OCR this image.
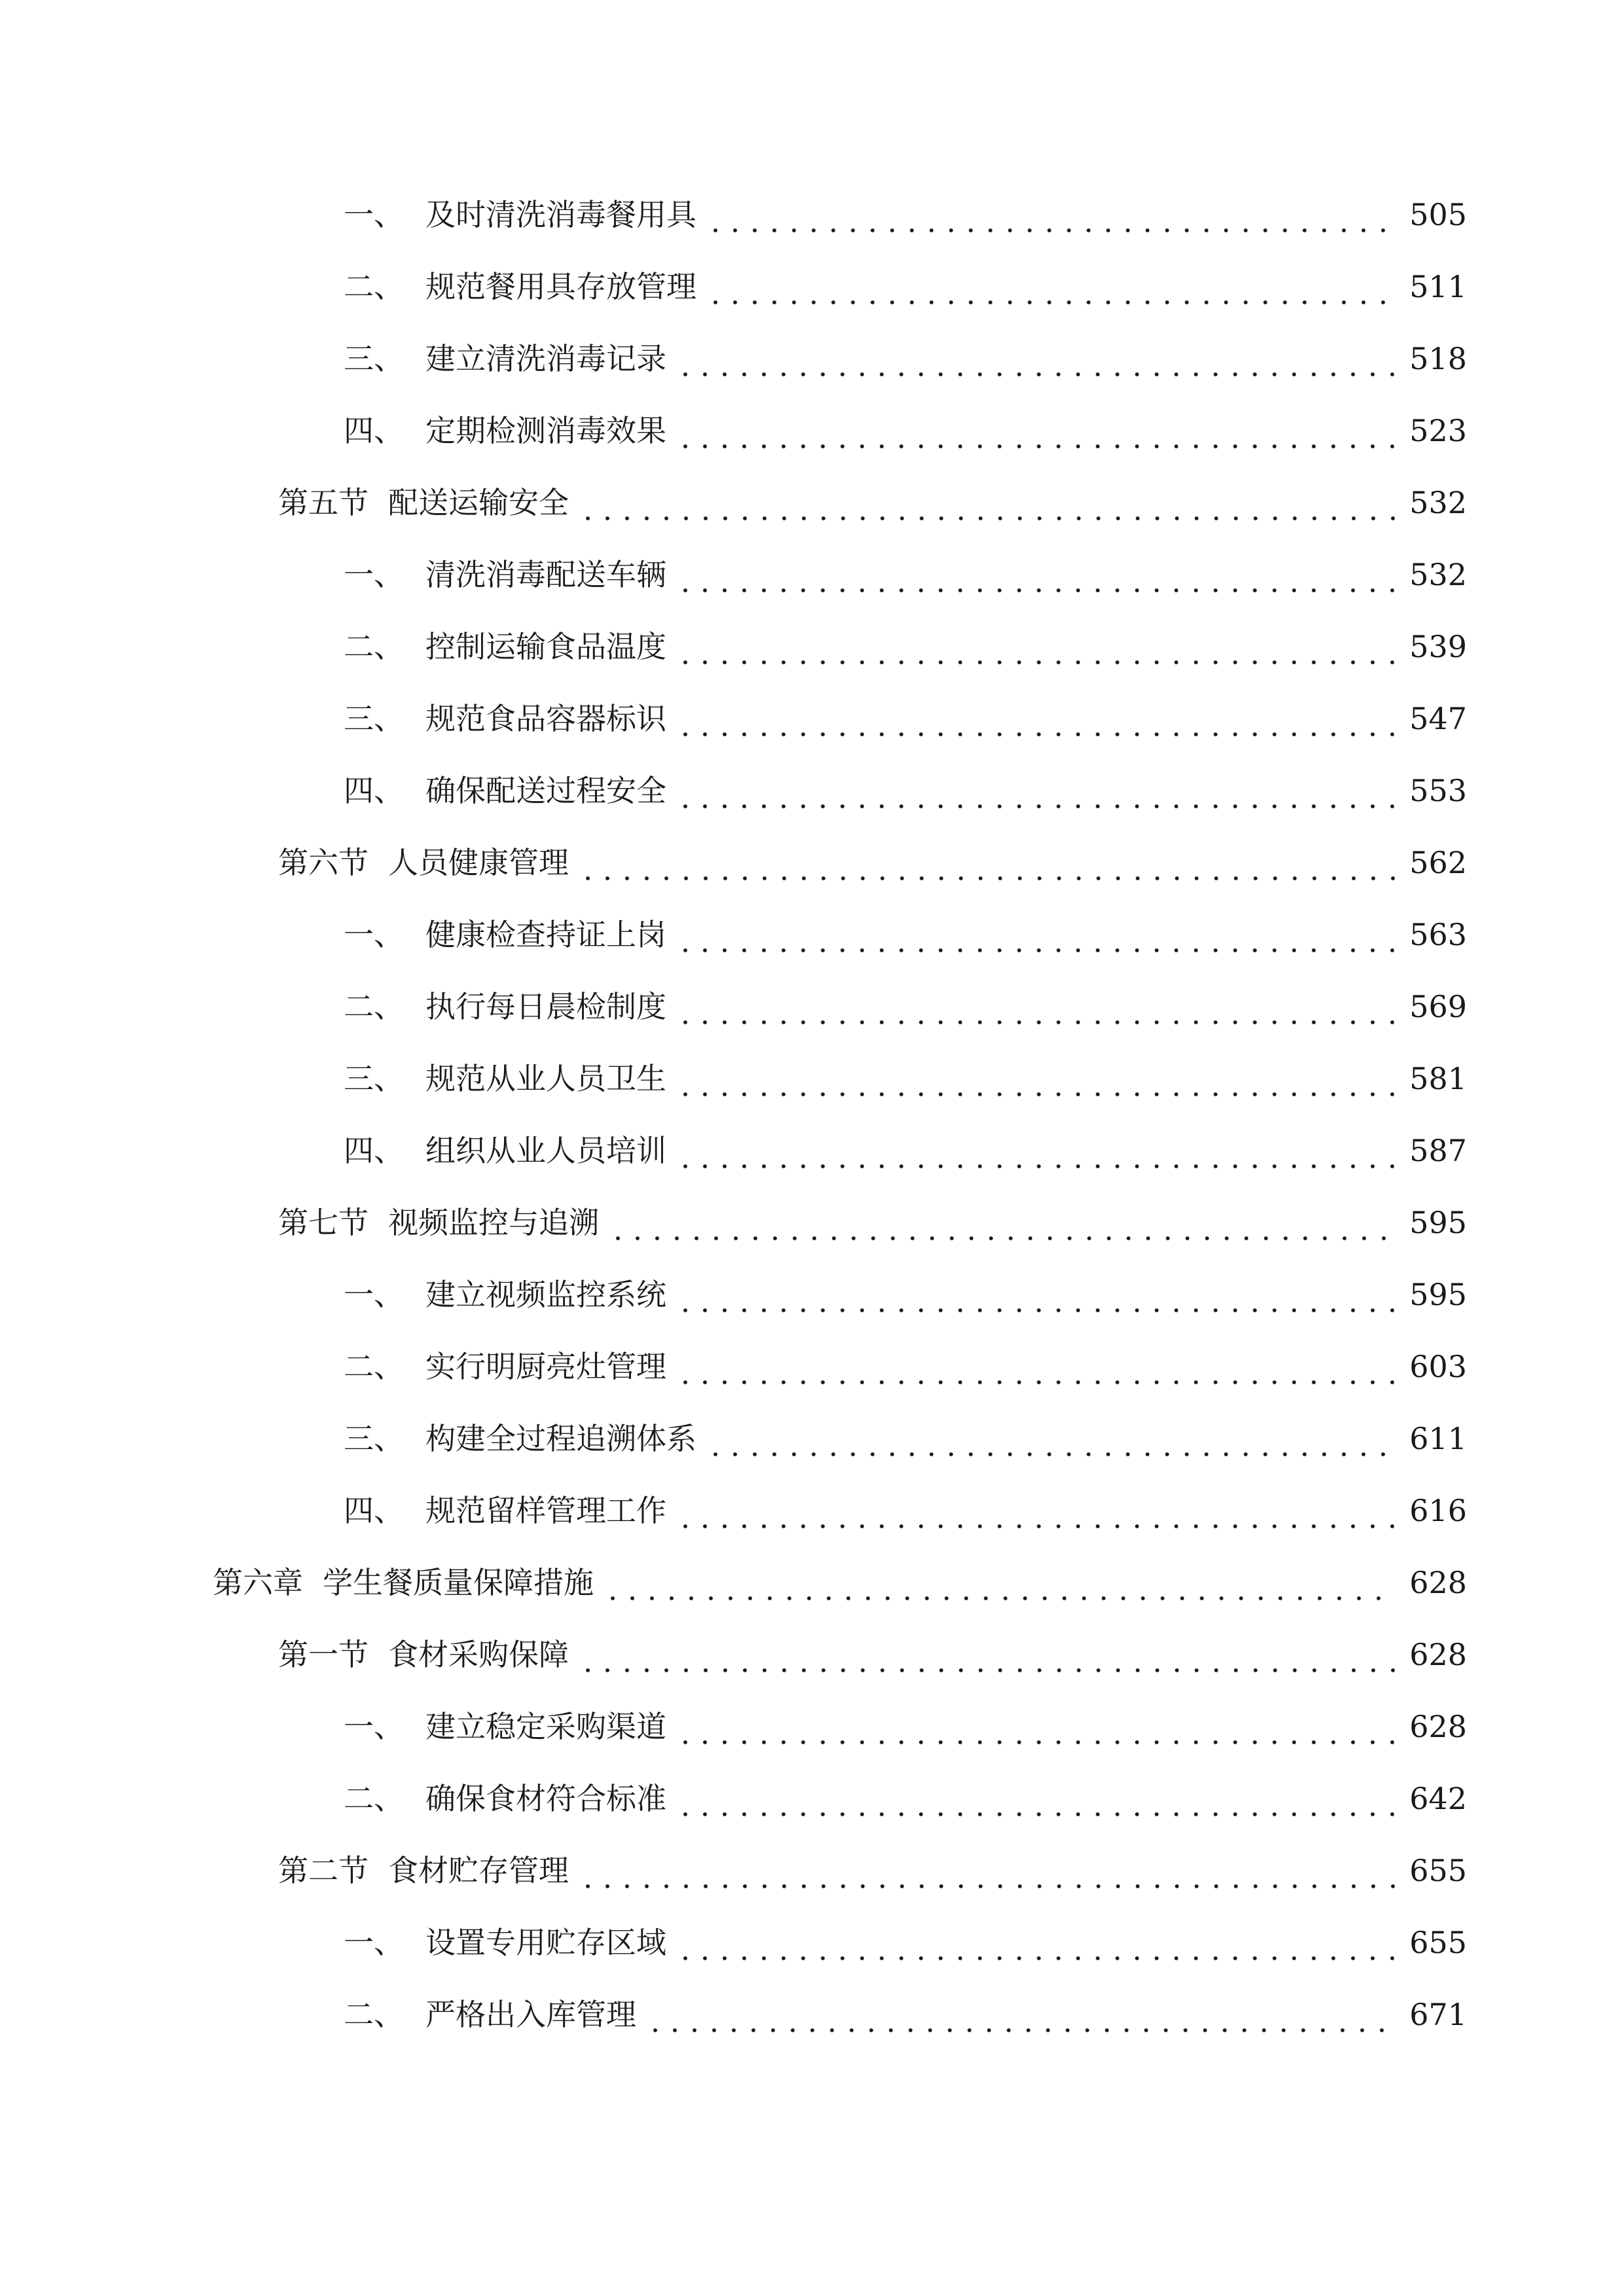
一、 及时清洗消毒餐用具	505
二、 规范餐用具存放管理	511
三、 建立清洗消毒记录	518
四、 定期检测消毒效果	523
第五节 配送运输安全	532
一、 清洗消毒配送车辆	532
二、 控制运输食品温度	539
三、 规范食品容器标识	547
四、 确保配送过程安全	553
第六节 人员健康管理	562
一、 健康检查持证上岗	563
二、 执行每日晨检制度	569
三、 规范从业人员卫生	581
四、 组织从业人员培训	587
第七节 视频监控与追溯	595
一、 建立视频监控系统	595
二、 实行明厨亮灶管理	603
三、 构建全过程追溯体系	611
四、 规范留样管理工作	616
第六章 学生餐质量保障措施	628
第一节 食材采购保障	628
一、 建立稳定采购渠道	628
二、 确保食材符合标准	642
第二节 食材贮存管理	655
一、 设置专用贮存区域	655
二、 严格出入库管理	671
